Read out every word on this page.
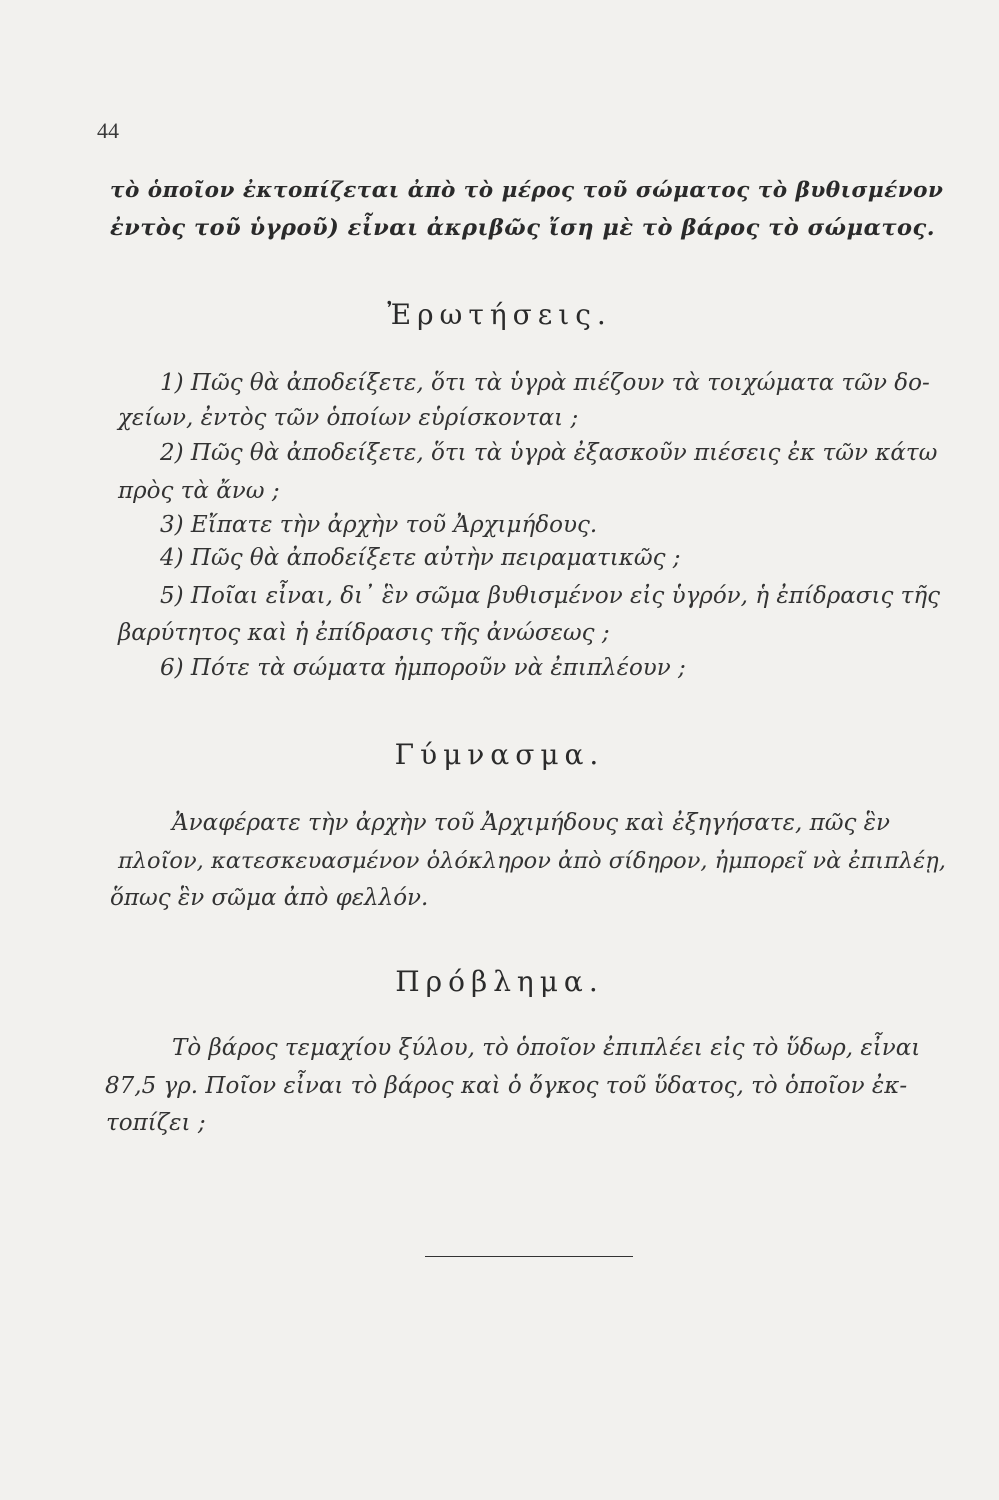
44
τὸ ὁποῖον ἐκτοπίζεται ἀπὸ τὸ μέρος τοῦ σώματος τὸ βυθισμένον
ἐντὸς τοῦ ὑγροῦ) εἶναι ἀκριβῶς ἴση μὲ τὸ βάρος τὸ σώματος.
Ἐρωτήσεις.
1) Πῶς θὰ ἀποδείξετε, ὅτι τὰ ὑγρὰ πιέζουν τὰ τοιχώματα τῶν δο-
χείων, ἐντὸς τῶν ὁποίων εὑρίσκονται ;
2) Πῶς θὰ ἀποδείξετε, ὅτι τὰ ὑγρὰ ἐξασκοῦν πιέσεις ἐκ τῶν κάτω
πρὸς τὰ ἄνω ;
3) Εἴπατε τὴν ἀρχὴν τοῦ Ἀρχιμήδους.
4) Πῶς θὰ ἀποδείξετε αὐτὴν πειραματικῶς ;
5) Ποῖαι εἶναι, δι᾽ ἓν σῶμα βυθισμένον εἰς ὑγρόν, ἡ ἐπίδρασις τῆς
βαρύτητος καὶ ἡ ἐπίδρασις τῆς ἀνώσεως ;
6) Πότε τὰ σώματα ἠμποροῦν νὰ ἐπιπλέουν ;
Γύμνασμα.
Ἀναφέρατε τὴν ἀρχὴν τοῦ Ἀρχιμήδους καὶ ἐξηγήσατε, πῶς ἓν
πλοῖον, κατεσκευασμένον ὁλόκληρον ἀπὸ σίδηρον, ἠμπορεῖ νὰ ἐπιπλέῃ,
ὅπως ἓν σῶμα ἀπὸ φελλόν.
Πρόβλημα.
Τὸ βάρος τεμαχίου ξύλου, τὸ ὁποῖον ἐπιπλέει εἰς τὸ ὕδωρ, εἶναι
87,5 γρ. Ποῖον εἶναι τὸ βάρος καὶ ὁ ὄγκος τοῦ ὕδατος, τὸ ὁποῖον ἐκ-
τοπίζει ;
